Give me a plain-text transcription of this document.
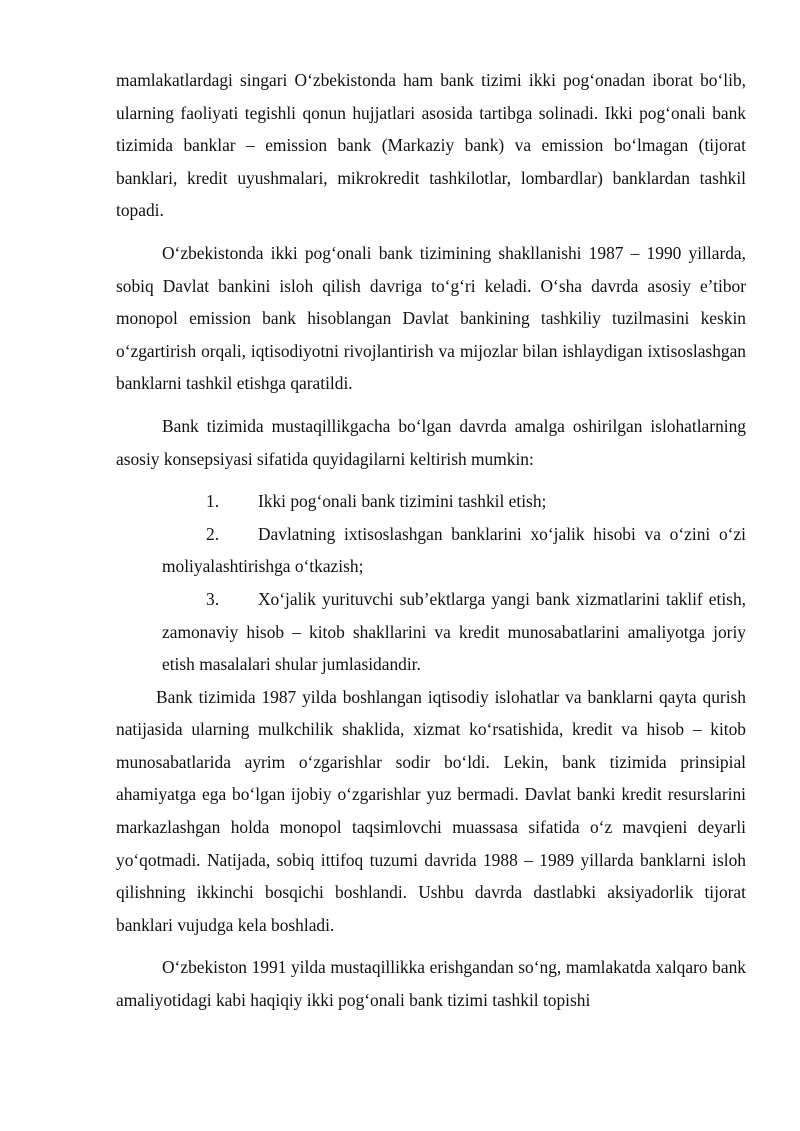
mamlakatlardagi singari O‘zbekistonda ham bank tizimi ikki pog‘onadan iborat bo‘lib, ularning faoliyati tegishli qonun hujjatlari asosida tartibga solinadi. Ikki pog‘onali bank tizimida banklar – emission bank (Markaziy bank) va emission bo‘lmagan (tijorat banklari, kredit uyushmalari, mikrokredit tashkilotlar, lombardlar) banklardan tashkil topadi.

O‘zbekistonda ikki pog‘onali bank tizimining shakllanishi 1987 – 1990 yillarda, sobiq Davlat bankini isloh qilish davriga to‘g‘ri keladi. O‘sha davrda asosiy e’tibor monopol emission bank hisoblangan Davlat bankining tashkiliy tuzilmasini keskin o‘zgartirish orqali, iqtisodiyotni rivojlantirish va mijozlar bilan ishlaydigan ixtisoslashgan banklarni tashkil etishga qaratildi.

Bank tizimida mustaqillikgacha bo‘lgan davrda amalga oshirilgan islohatlarning asosiy konsepsiyasi sifatida quyidagilarni keltirish mumkin:

1. Ikki pog‘onali bank tizimini tashkil etish;
2. Davlatning ixtisoslashgan banklarini xo‘jalik hisobi va o‘zini o‘zi moliyalashtirishga o‘tkazish;
3. Xo‘jalik yurituvchi sub’ektlarga yangi bank xizmatlarini taklif etish, zamonaviy hisob – kitob shakllarini va kredit munosabatlarini amaliyotga joriy etish masalalari shular jumlasidandir.

Bank tizimida 1987 yilda boshlangan iqtisodiy islohatlar va banklarni qayta qurish natijasida ularning mulkchilik shaklida, xizmat ko‘rsatishida, kredit va hisob – kitob munosabatlarida ayrim o‘zgarishlar sodir bo‘ldi. Lekin, bank tizimida prinsipial ahamiyatga ega bo‘lgan ijobiy o‘zgarishlar yuz bermadi. Davlat banki kredit resurslarini markazlashgan holda monopol taqsimlovchi muassasa sifatida o‘z mavqieni deyarli yo‘qotmadi. Natijada, sobiq ittifoq tuzumi davrida 1988 – 1989 yillarda banklarni isloh qilishning ikkinchi bosqichi boshlandi. Ushbu davrda dastlabki aksiyadorlik tijorat banklari vujudga kela boshladi.

O‘zbekiston 1991 yilda mustaqillikka erishgandan so‘ng, mamlakatda xalqaro bank amaliyotidagi kabi haqiqiy ikki pog‘onali bank tizimi tashkil topishi
